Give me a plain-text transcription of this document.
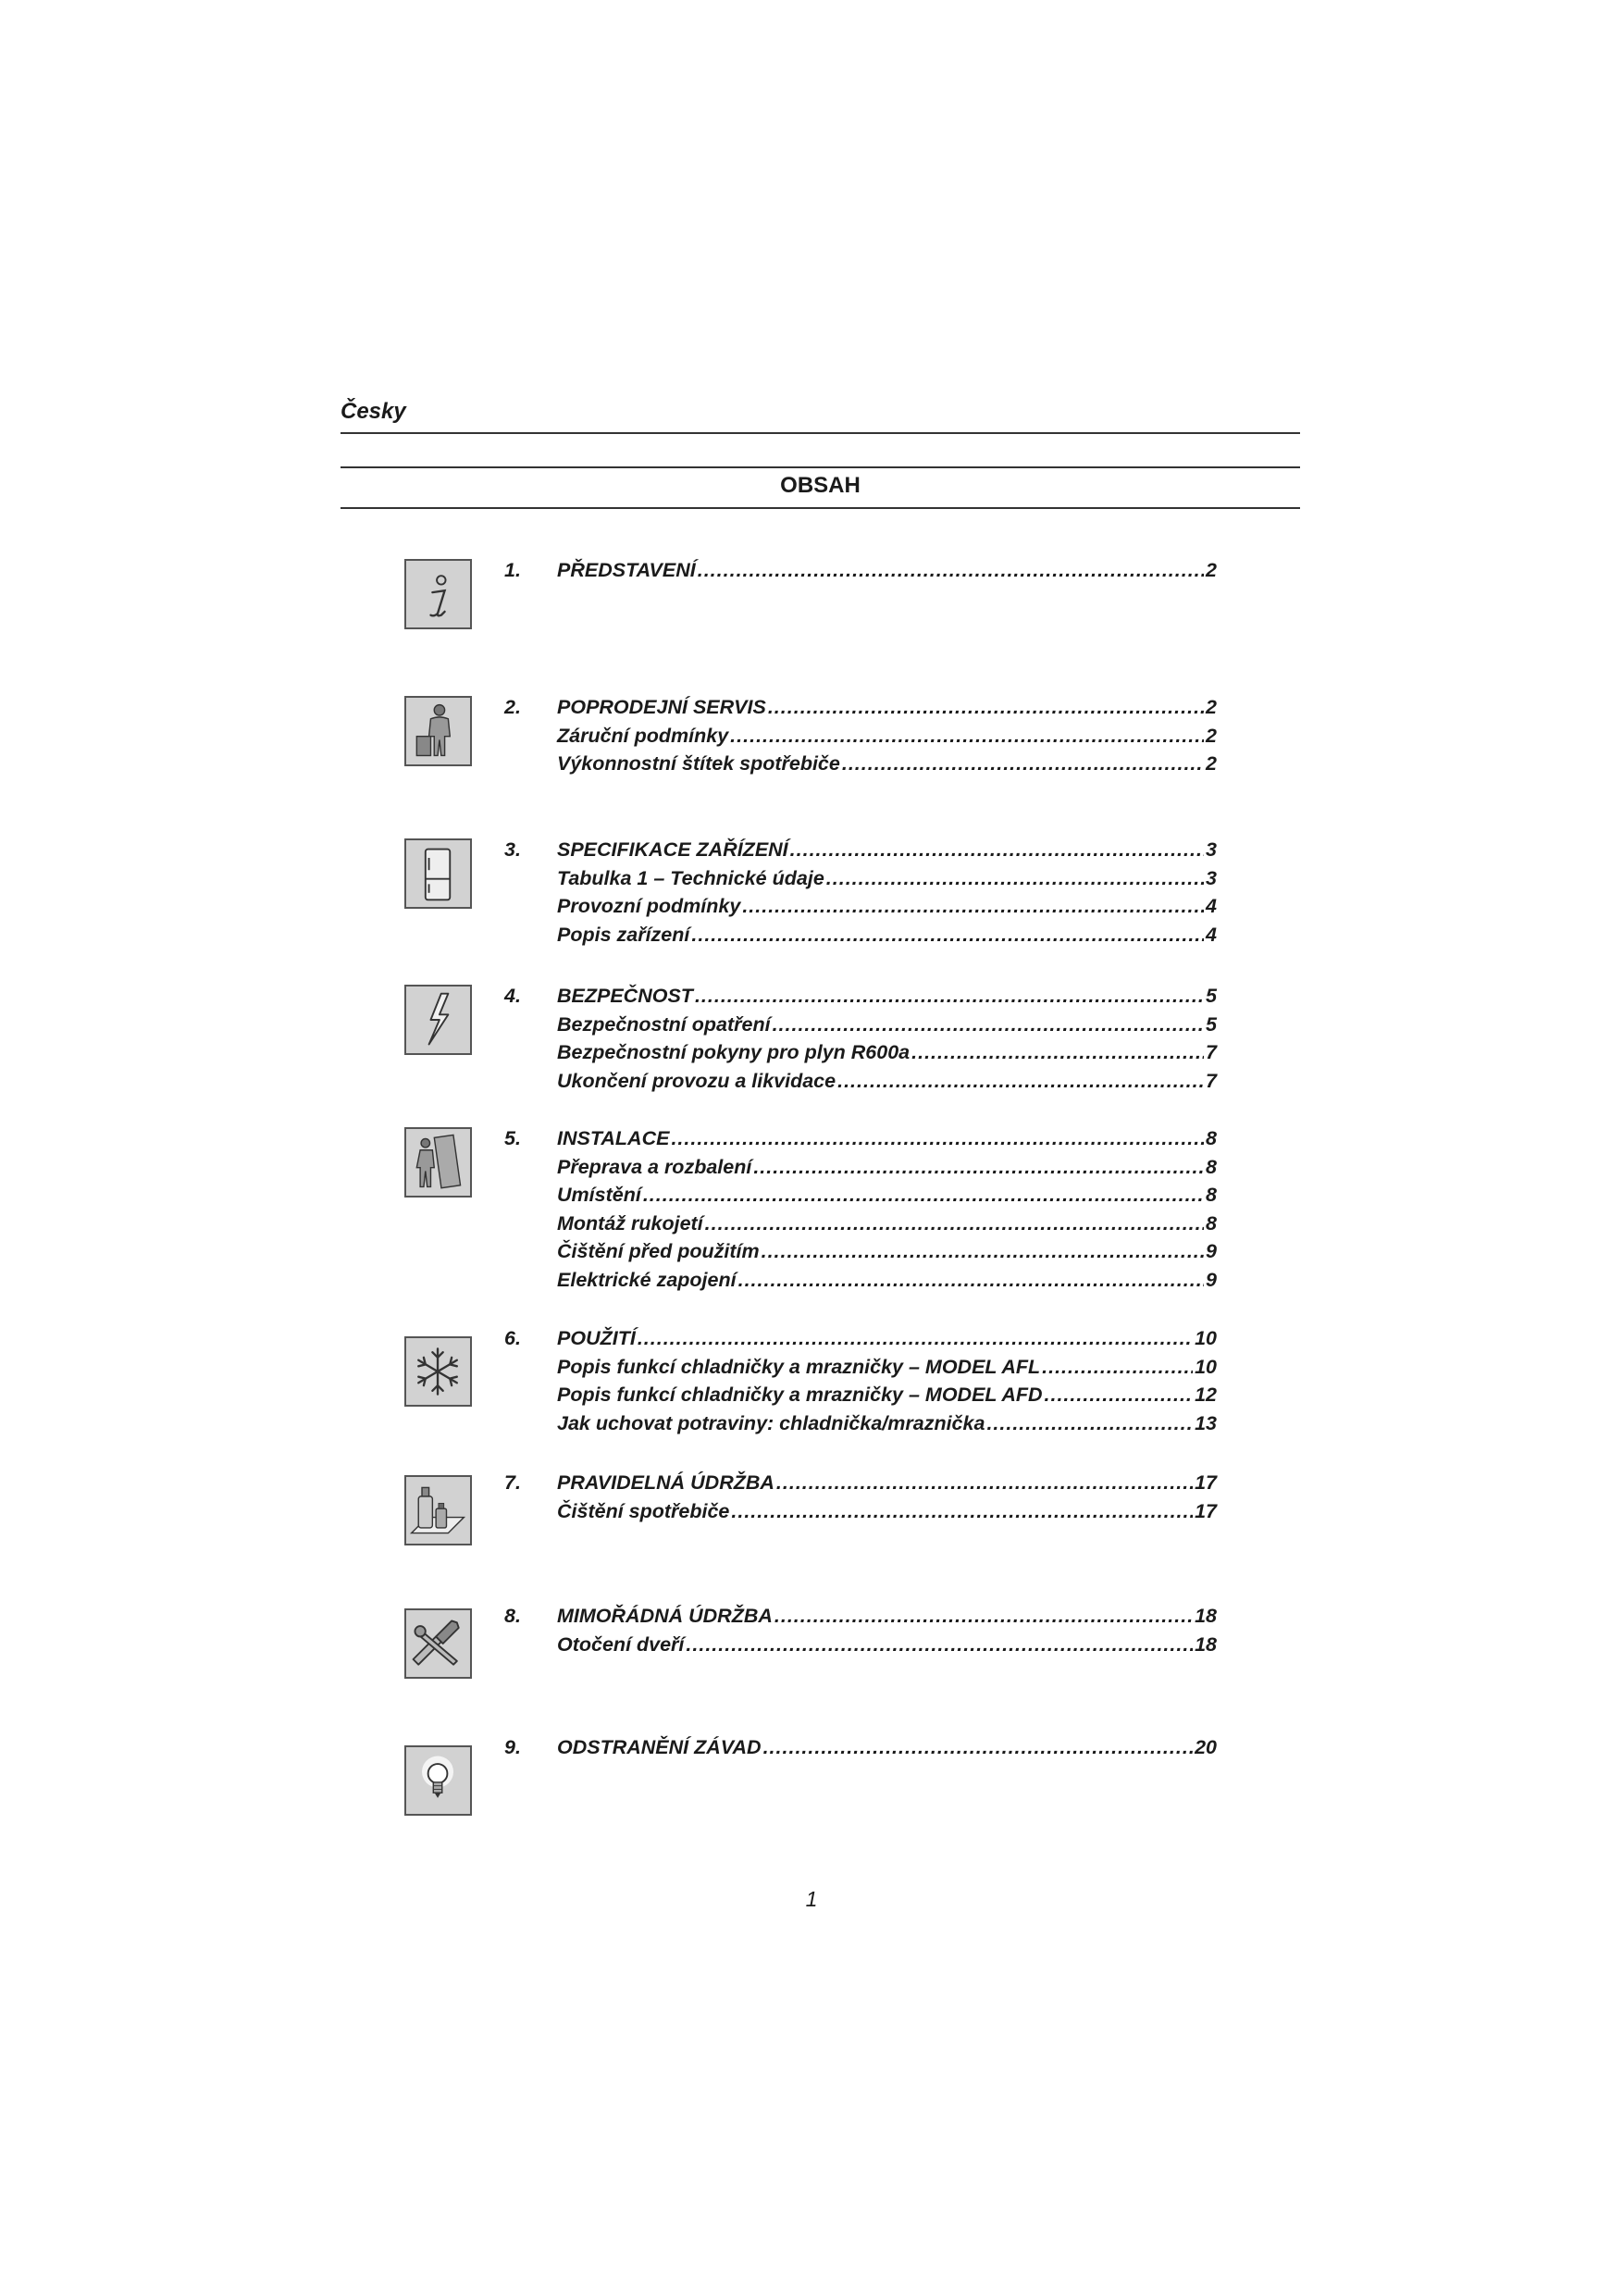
Česky
OBSAH
1.	PŘEDSTAVENÍ .....	2
2.	POPRODEJNÍ SERVIS .....	2
Záruční podmínky .....	2
Výkonnostní štítek spotřebiče .....	2
3.	SPECIFIKACE ZAŘÍZENÍ .....	3
Tabulka 1 – Technické údaje .....	3
Provozní podmínky .....	4
Popis zařízení .....	4
4.	BEZPEČNOST .....	5
Bezpečnostní opatření .....	5
Bezpečnostní pokyny pro plyn R600a .....	7
Ukončení provozu a likvidace .....	7
5.	INSTALACE .....	8
Přeprava a rozbalení .....	8
Umístění .....	8
Montáž rukojetí .....	8
Čištění před použitím .....	9
Elektrické zapojení .....	9
6.	POUŽITÍ .....	10
Popis funkcí chladničky a mrazničky – MODEL AFL .....	10
Popis funkcí chladničky a mrazničky – MODEL AFD .....	12
Jak uchovat potraviny: chladnička/mraznička .....	13
7.	PRAVIDELNÁ ÚDRŽBA .....	17
Čištění spotřebiče .....	17
8.	MIMOŘÁDNÁ ÚDRŽBA .....	18
Otočení dveří .....	18
9.	ODSTRANĚNÍ ZÁVAD .....	20
1
